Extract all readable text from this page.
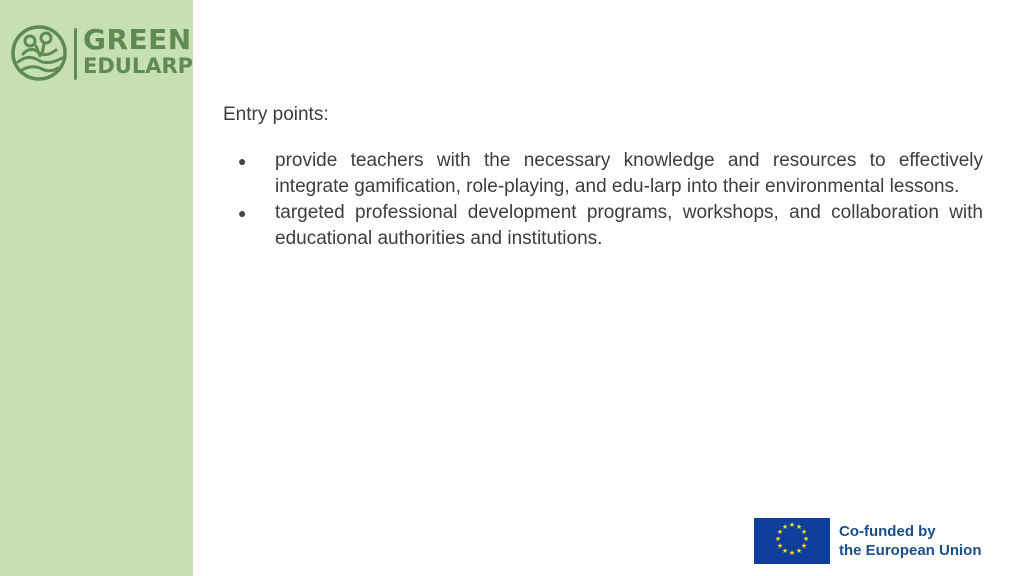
GREEN
EDULARP

Entry points:

● provide teachers with the necessary knowledge and resources to effectively integrate gamification, role-playing, and edu-larp into their environmental lessons.
● targeted professional development programs, workshops, and collaboration with educational authorities and institutions.
★ ★
★
★
★
★
★
★
★
★
★
★	Co-funded by
the European Union
